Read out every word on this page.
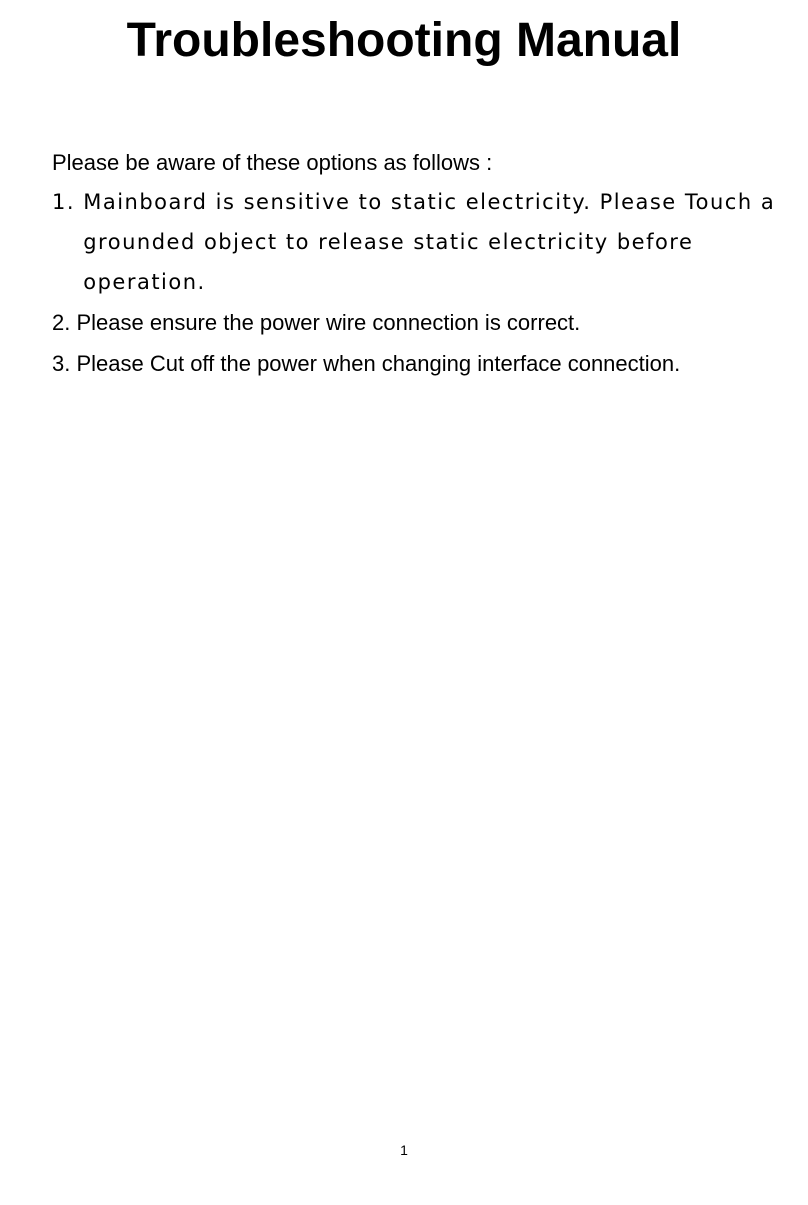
Troubleshooting Manual

Please be aware of these options as follows :

1. Mainboard is sensitive to static electricity. Please Touch a grounded object to release static electricity before operation.

2. Please ensure the power wire connection is correct.

3. Please Cut off the power when changing interface connection.

1
